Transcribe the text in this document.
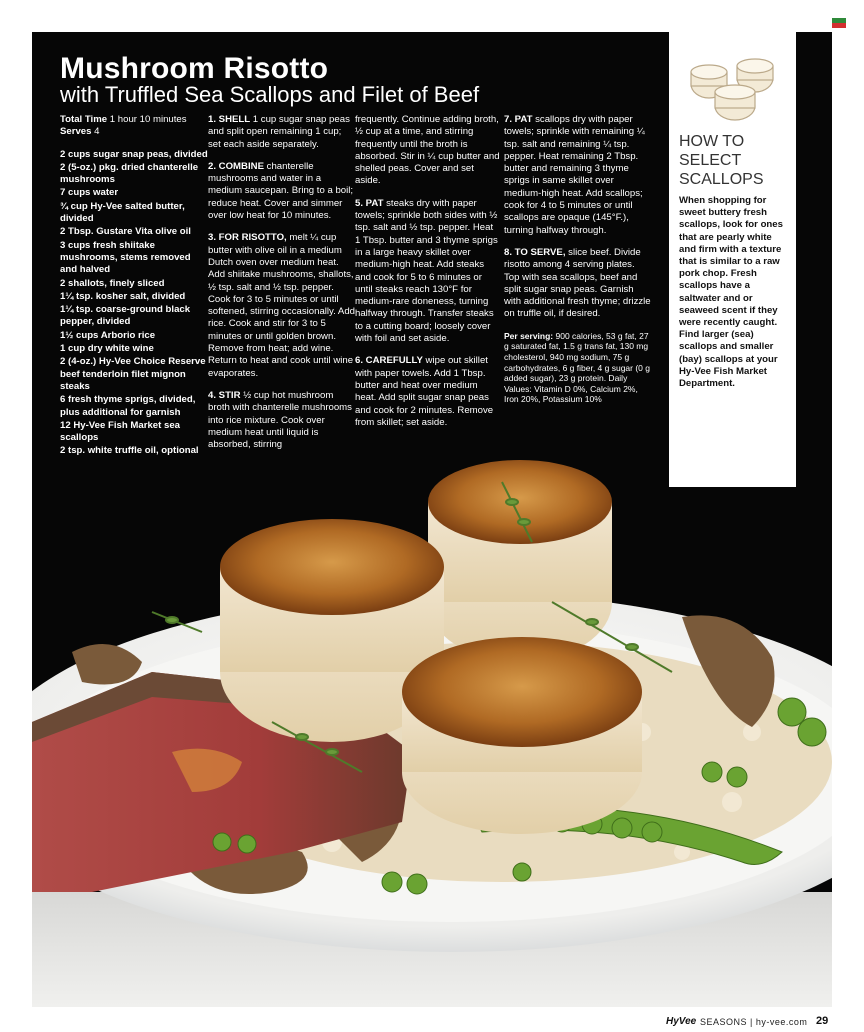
Mushroom Risotto
with Truffled Sea Scallops and Filet of Beef
Total Time 1 hour 10 minutes
Serves 4
2 cups sugar snap peas, divided
2 (5-oz.) pkg. dried chanterelle mushrooms
7 cups water
¾ cup Hy-Vee salted butter, divided
2 Tbsp. Gustare Vita olive oil
3 cups fresh shiitake mushrooms, stems removed and halved
2 shallots, finely sliced
1¼ tsp. kosher salt, divided
1¼ tsp. coarse-ground black pepper, divided
1½ cups Arborio rice
1 cup dry white wine
2 (4-oz.) Hy-Vee Choice Reserve beef tenderloin filet mignon steaks
6 fresh thyme sprigs, divided, plus additional for garnish
12 Hy-Vee Fish Market sea scallops
2 tsp. white truffle oil, optional
1. SHELL 1 cup sugar snap peas and split open remaining 1 cup; set each aside separately.
2. COMBINE chanterelle mushrooms and water in a medium saucepan. Bring to a boil; reduce heat. Cover and simmer over low heat for 10 minutes.
3. FOR RISOTTO, melt ¼ cup butter with olive oil in a medium Dutch oven over medium heat. Add shiitake mushrooms, shallots, ½ tsp. salt and ½ tsp. pepper. Cook for 3 to 5 minutes or until softened, stirring occasionally. Add rice. Cook and stir for 3 to 5 minutes or until golden brown. Remove from heat; add wine. Return to heat and cook until wine evaporates.
4. STIR ½ cup hot mushroom broth with chanterelle mushrooms into rice mixture. Cook over medium heat until liquid is absorbed, stirring
frequently. Continue adding broth, ½ cup at a time, and stirring frequently until the broth is absorbed. Stir in ¼ cup butter and shelled peas. Cover and set aside.
5. PAT steaks dry with paper towels; sprinkle both sides with ½ tsp. salt and ½ tsp. pepper. Heat 1 Tbsp. butter and 3 thyme sprigs in a large heavy skillet over medium-high heat. Add steaks and cook for 5 to 6 minutes or until steaks reach 130°F for medium-rare doneness, turning halfway through. Transfer steaks to a cutting board; loosely cover with foil and set aside.
6. CAREFULLY wipe out skillet with paper towels. Add 1 Tbsp. butter and heat over medium heat. Add split sugar snap peas and cook for 2 minutes. Remove from skillet; set aside.
7. PAT scallops dry with paper towels; sprinkle with remaining ¼ tsp. salt and remaining ¼ tsp. pepper. Heat remaining 2 Tbsp. butter and remaining 3 thyme sprigs in same skillet over medium-high heat. Add scallops; cook for 4 to 5 minutes or until scallops are opaque (145°F.), turning halfway through.
8. TO SERVE, slice beef. Divide risotto among 4 serving plates. Top with sea scallops, beef and split sugar snap peas. Garnish with additional fresh thyme; drizzle on truffle oil, if desired.
Per serving: 900 calories, 53 g fat, 27 g saturated fat, 1.5 g trans fat, 130 mg cholesterol, 940 mg sodium, 75 g carbohydrates, 6 g fiber, 4 g sugar (0 g added sugar), 23 g protein. Daily Values: Vitamin D 0%, Calcium 2%, Iron 20%, Potassium 10%
HOW TO SELECT SCALLOPS
When shopping for sweet buttery fresh scallops, look for ones that are pearly white and firm with a texture that is similar to a raw pork chop. Fresh scallops have a saltwater and or seaweed scent if they were recently caught. Find larger (sea) scallops and smaller (bay) scallops at your Hy-Vee Fish Market Department.
HyVee SEASONS | hy-vee.com 29
